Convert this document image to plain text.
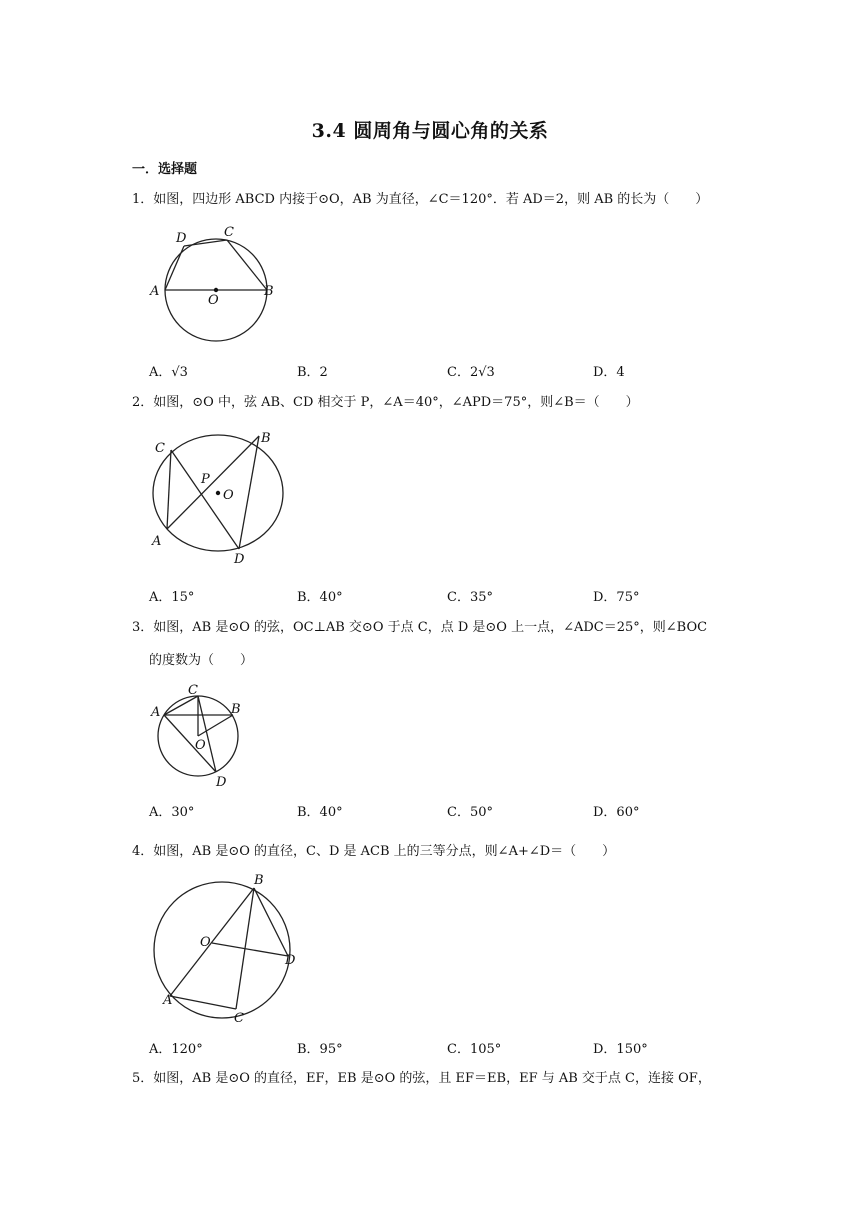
3.4 圆周角与圆心角的关系
一．选择题
1．如图，四边形 ABCD 内接于⊙O，AB 为直径，∠C＝120°．若 AD＝2，则 AB 的长为（　　）
A	B
C
D
O
A．√3	B．2	C．2√3	D．4
2．如图，⊙O 中，弦 AB、CD 相交于 P，∠A＝40°，∠APD＝75°，则∠B＝（　　）
C
B
P
O
A
D
A．15°	B．40°	C．35°	D．75°
3．如图，AB 是⊙O 的弦，OC⊥AB 交⊙O 于点 C，点 D 是⊙O 上一点，∠ADC＝25°，则∠BOC
的度数为（　　）
C
A	B
O
D
A．30°	B．40°	C．50°	D．60°
4．如图，AB 是⊙O 的直径，C、D 是 ACB 上的三等分点，则∠A+∠D＝（　　）
B
O
D
A
C
A．120°	B．95°	C．105°	D．150°
5．如图，AB 是⊙O 的直径，EF，EB 是⊙O 的弦，且 EF＝EB，EF 与 AB 交于点 C，连接 OF，
